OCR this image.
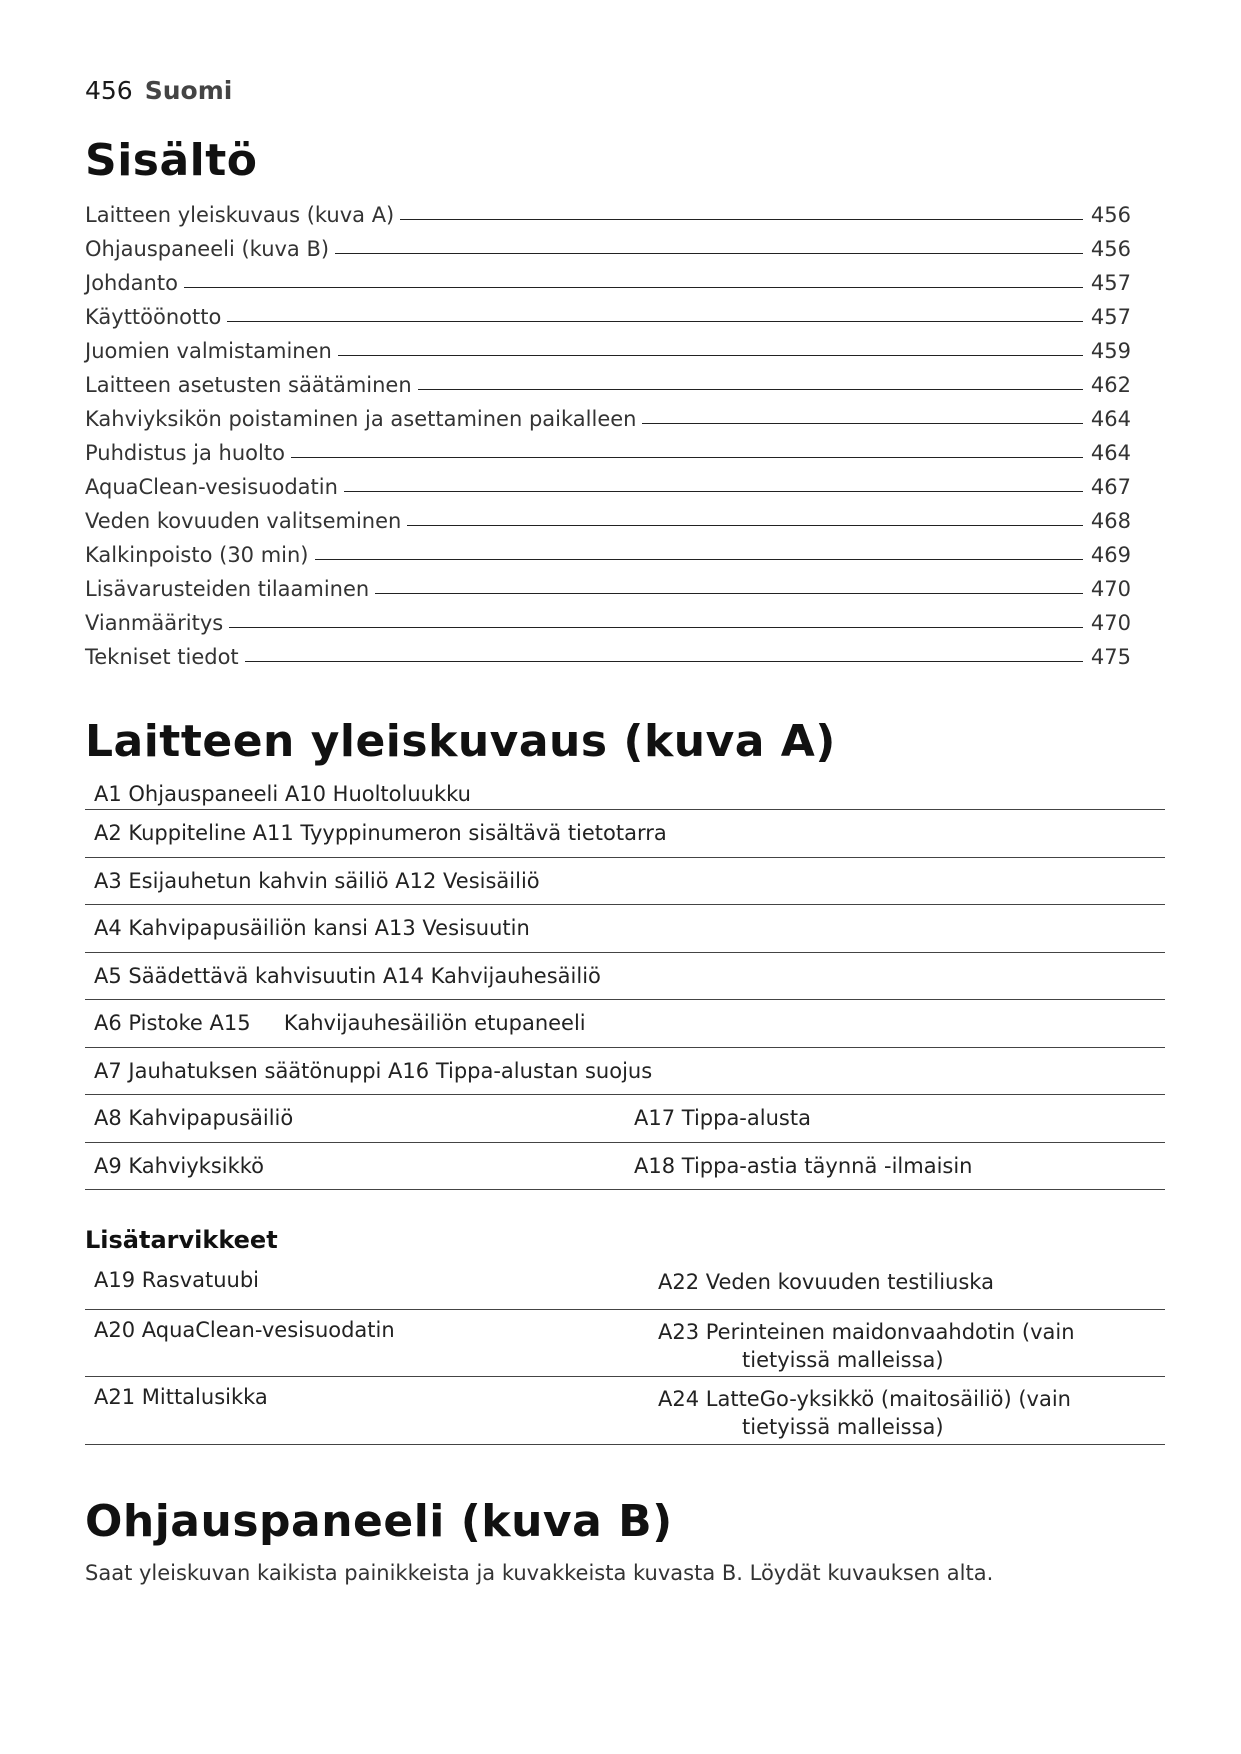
456 Suomi
Sisältö
Laitteen yleiskuvaus (kuva A)	456
Ohjauspaneeli (kuva B)	456
Johdanto	457
Käyttöönotto	457
Juomien valmistaminen	459
Laitteen asetusten säätäminen	462
Kahviyksikön poistaminen ja asettaminen paikalleen	464
Puhdistus ja huolto	464
AquaClean-vesisuodatin	467
Veden kovuuden valitseminen	468
Kalkinpoisto (30 min)	469
Lisävarusteiden tilaaminen	470
Vianmääritys	470
Tekniset tiedot	475
Laitteen yleiskuvaus (kuva A)
A1 Ohjauspaneeli A10 Huoltoluukku
A2 Kuppiteline A11 Tyyppinumeron sisältävä tietotarra
A3 Esijauhetun kahvin säiliö A12 Vesisäiliö
A4 Kahvipapusäiliön kansi A13 Vesisuutin
A5 Säädettävä kahvisuutin A14 Kahvijauhesäiliö
A6 Pistoke A15     Kahvijauhesäiliön etupaneeli
A7 Jauhatuksen säätönuppi A16 Tippa-alustan suojus
A8 Kahvipapusäiliö	A17 Tippa-alusta
A9 Kahviyksikkö	A18 Tippa-astia täynnä -ilmaisin
Lisätarvikkeet
A19 Rasvatuubi	A22 Veden kovuuden testiliuska
A20 AquaClean-vesisuodatin	A23 Perinteinen maidonvaahdotin (vain
tietyissä malleissa)
A21 Mittalusikka	A24 LatteGo-yksikkö (maitosäiliö) (vain
tietyissä malleissa)
Ohjauspaneeli (kuva B)
Saat yleiskuvan kaikista painikkeista ja kuvakkeista kuvasta B. Löydät kuvauksen alta.
